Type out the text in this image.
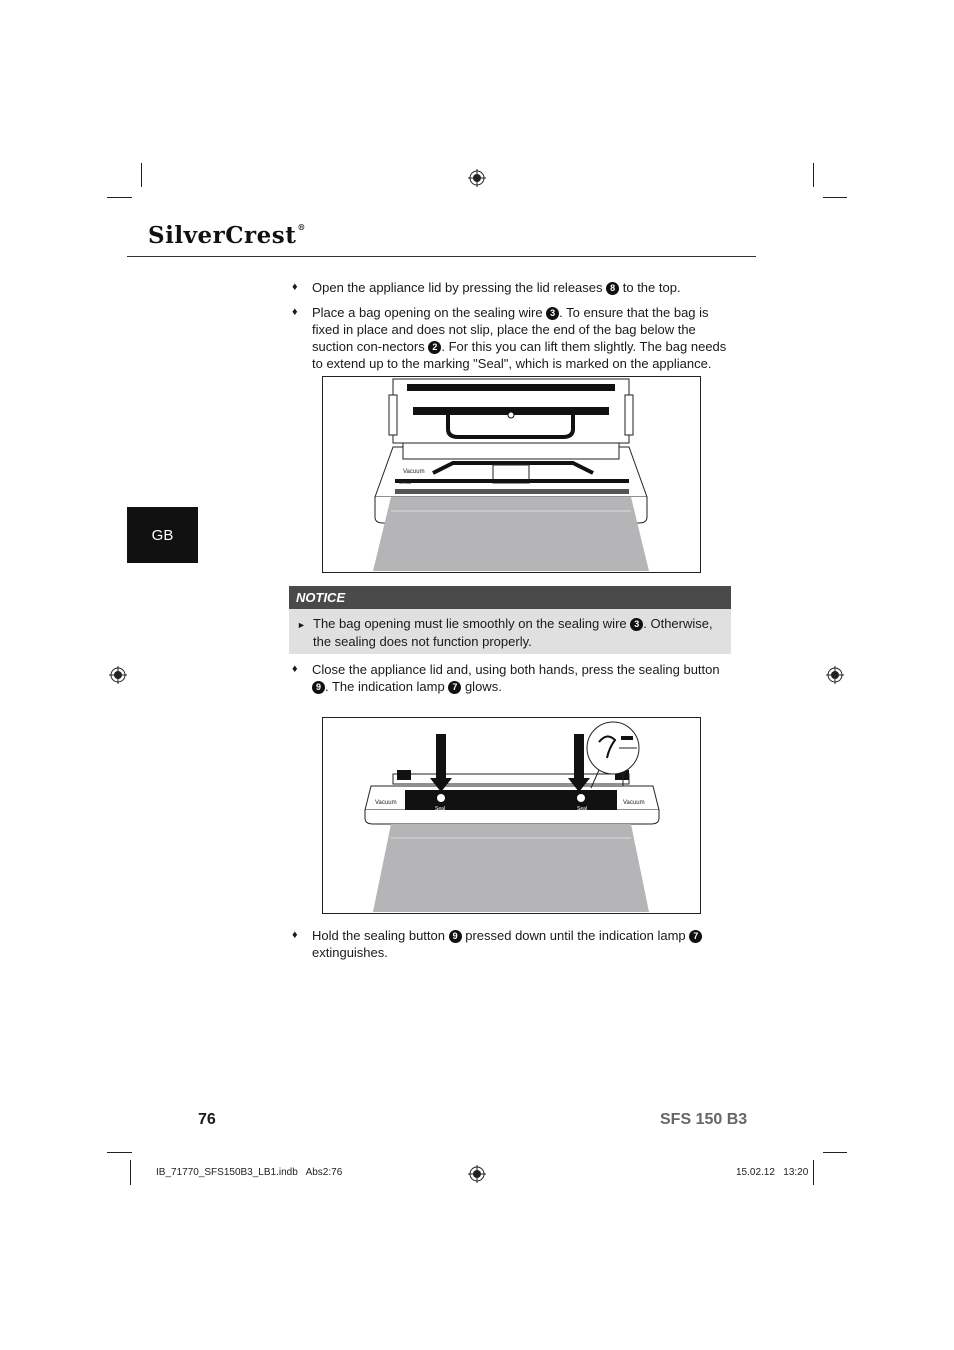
SilverCrest®
GB
♦ Open the appliance lid by pressing the lid releases 8 to the top.
♦ Place a bag opening on the sealing wire 3 . To ensure that the bag is fixed in place and does not slip, place the end of the bag below the suction con-nectors 2 . For this you can lift them slightly. The bag needs to extend up to the marking "Seal", which is marked on the appliance.
Vacuum
Seal
NOTICE
► The bag opening must lie smoothly on the sealing wire 3 . Otherwise, the sealing does not function properly.
♦ Close the appliance lid and, using both hands, press the sealing button 9 . The indication lamp 7 glows.
Vacuum	Vacuum
Seal	Seal
♦ Hold the sealing button 9 pressed down until the indication lamp 7 extinguishes.
76	SFS 150 B3
IB_71770_SFS150B3_LB1.indb   Abs2:76	15.02.12   13:20
